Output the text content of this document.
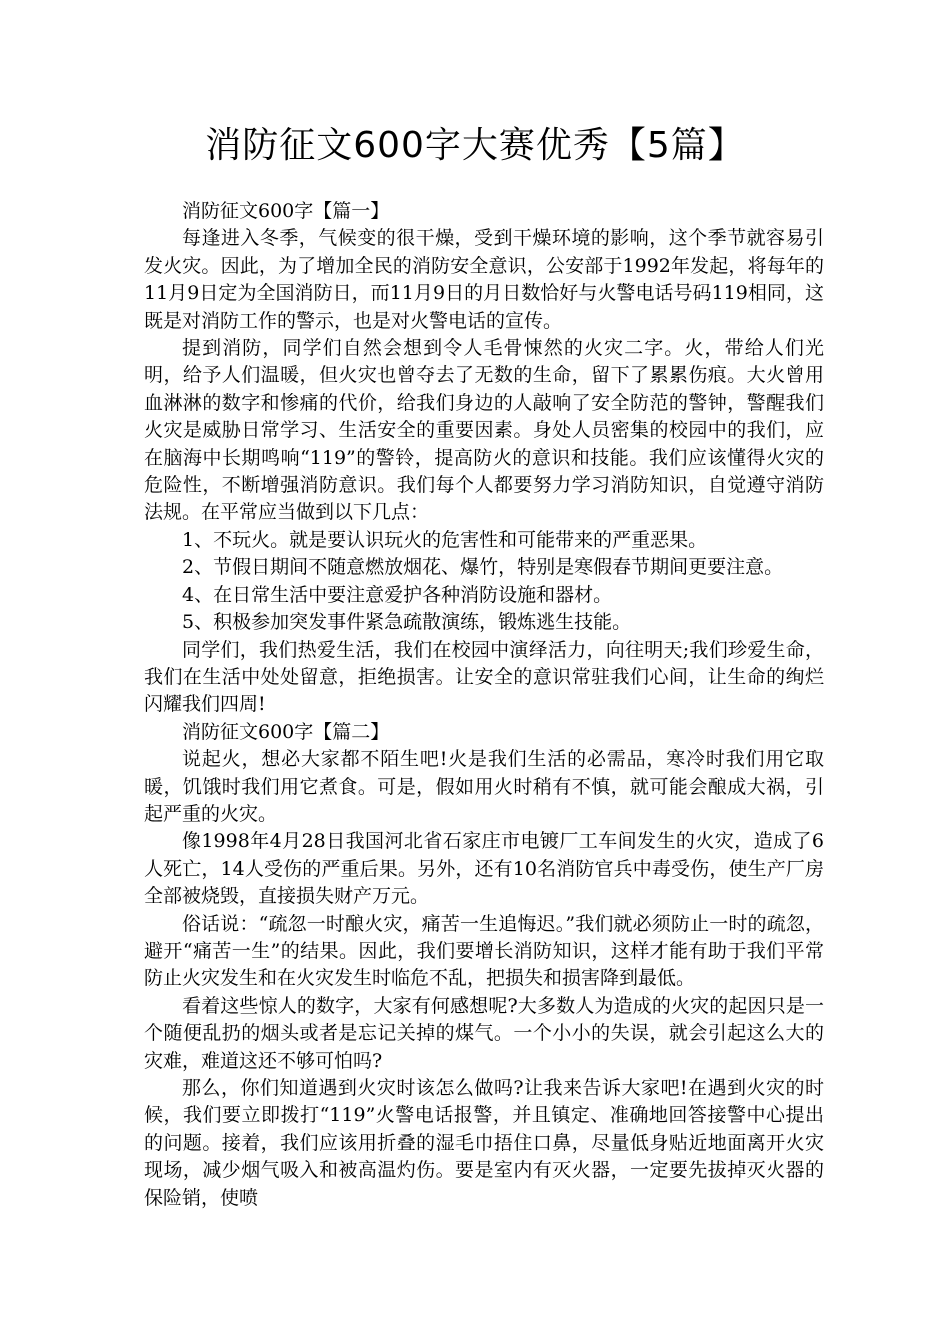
消防征文600字大赛优秀【5篇】

消防征文600字【篇一】

每逢进入冬季，气候变的很干燥，受到干燥环境的影响，这个季节就容易引发火灾。因此，为了增加全民的消防安全意识，公安部于1992年发起，将每年的11月9日定为全国消防日，而11月9日的月日数恰好与火警电话号码119相同，这既是对消防工作的警示，也是对火警电话的宣传。

提到消防，同学们自然会想到令人毛骨悚然的火灾二字。火，带给人们光明，给予人们温暖，但火灾也曾夺去了无数的生命，留下了累累伤痕。大火曾用血淋淋的数字和惨痛的代价，给我们身边的人敲响了安全防范的警钟，警醒我们火灾是威胁日常学习、生活安全的重要因素。身处人员密集的校园中的我们，应在脑海中长期鸣响“119”的警铃，提高防火的意识和技能。我们应该懂得火灾的危险性，不断增强消防意识。我们每个人都要努力学习消防知识，自觉遵守消防法规。在平常应当做到以下几点：

1、不玩火。就是要认识玩火的危害性和可能带来的严重恶果。

2、节假日期间不随意燃放烟花、爆竹，特别是寒假春节期间更要注意。

4、在日常生活中要注意爱护各种消防设施和器材。

5、积极参加突发事件紧急疏散演练，锻炼逃生技能。

同学们，我们热爱生活，我们在校园中演绎活力，向往明天;我们珍爱生命，我们在生活中处处留意，拒绝损害。让安全的意识常驻我们心间，让生命的绚烂闪耀我们四周!

消防征文600字【篇二】

说起火，想必大家都不陌生吧!火是我们生活的必需品，寒冷时我们用它取暖，饥饿时我们用它煮食。可是，假如用火时稍有不慎，就可能会酿成大祸，引起严重的火灾。

像1998年4月28日我国河北省石家庄市电镀厂工车间发生的火灾，造成了6人死亡，14人受伤的严重后果。另外，还有10名消防官兵中毒受伤，使生产厂房全部被烧毁，直接损失财产万元。

俗话说：“疏忽一时酿火灾，痛苦一生追悔迟。”我们就必须防止一时的疏忽，避开“痛苦一生”的结果。因此，我们要增长消防知识，这样才能有助于我们平常防止火灾发生和在火灾发生时临危不乱，把损失和损害降到最低。

看着这些惊人的数字，大家有何感想呢?大多数人为造成的火灾的起因只是一个随便乱扔的烟头或者是忘记关掉的煤气。一个小小的失误，就会引起这么大的灾难，难道这还不够可怕吗?

那么，你们知道遇到火灾时该怎么做吗?让我来告诉大家吧!在遇到火灾的时候，我们要立即拨打“119”火警电话报警，并且镇定、准确地回答接警中心提出的问题。接着，我们应该用折叠的湿毛巾捂住口鼻，尽量低身贴近地面离开火灾现场，减少烟气吸入和被高温灼伤。要是室内有灭火器，一定要先拔掉灭火器的保险销，使喷
